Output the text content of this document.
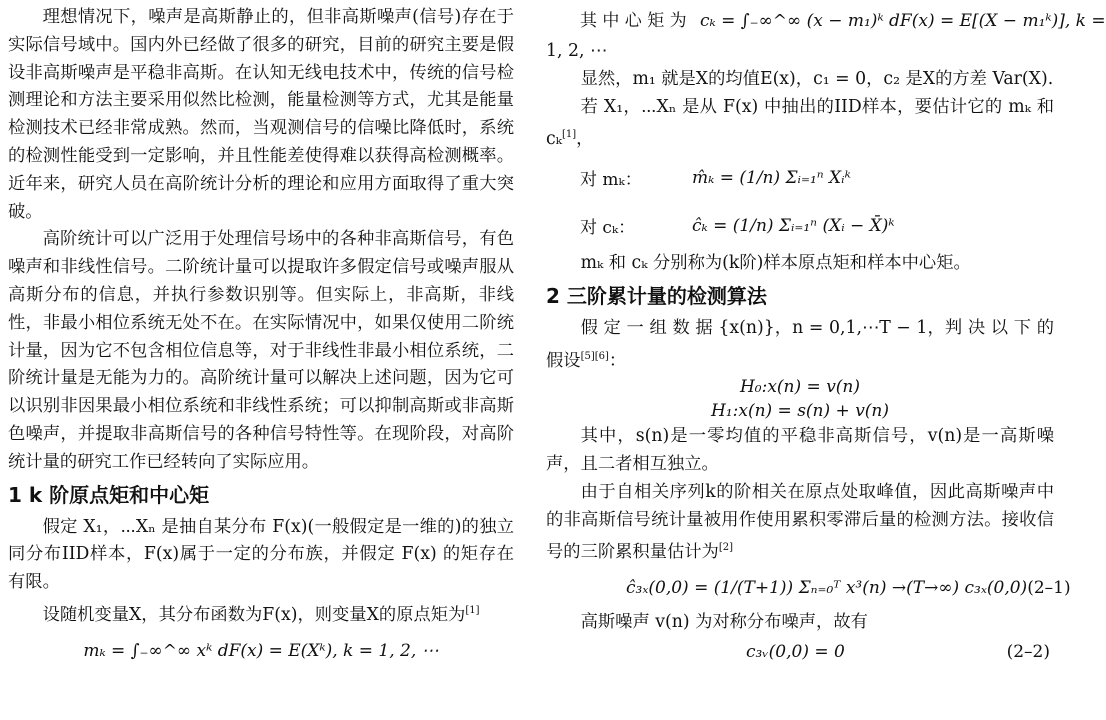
理想情况下，噪声是高斯静止的，但非高斯噪声(信号)存在于实际信号域中。国内外已经做了很多的研究，目前的研究主要是假设非高斯噪声是平稳非高斯。在认知无线电技术中，传统的信号检测理论和方法主要采用似然比检测，能量检测等方式，尤其是能量检测技术已经非常成熟。然而，当观测信号的信噪比降低时，系统的检测性能受到一定影响，并且性能差使得难以获得高检测概率。近年来，研究人员在高阶统计分析的理论和应用方面取得了重大突破。

高阶统计可以广泛用于处理信号场中的各种非高斯信号，有色噪声和非线性信号。二阶统计量可以提取许多假定信号或噪声服从高斯分布的信息，并执行参数识别等。但实际上，非高斯，非线性，非最小相位系统无处不在。在实际情况中，如果仅使用二阶统计量，因为它不包含相位信息等，对于非线性非最小相位系统，二阶统计量是无能为力的。高阶统计量可以解决上述问题，因为它可以识别非因果最小相位系统和非线性系统；可以抑制高斯或非高斯色噪声，并提取非高斯信号的各种信号特性等。在现阶段，对高阶统计量的研究工作已经转向了实际应用。

1 k 阶原点矩和中心矩

假定 X₁，⋯Xₙ 是抽自某分布 F(x)(一般假定是一维的)的独立同分布IID样本，F(x)属于一定的分布族，并假定 F(x) 的矩存在有限。

设随机变量X，其分布函数为F(x)，则变量X的原点矩为[1]

mₖ = ∫₋∞^∞ xᵏ dF(x) = E(Xᵏ), k = 1, 2, ⋯
其 中 心 矩 为 cₖ = ∫₋∞^∞ (x − m₁)ᵏ dF(x) = E[(X − m₁ᵏ)], k =

1, 2, ⋯

显然，m₁ 就是X的均值E(x)，c₁ = 0，c₂ 是X的方差 Var(X).

若 X₁，⋯Xₙ 是从 F(x) 中抽出的IID样本，要估计它的 mₖ 和 cₖ[1]，

对 mₖ：	m̂ₖ = (1/n) Σᵢ₌₁ⁿ Xᵢᵏ
对 cₖ：	ĉₖ = (1/n) Σᵢ₌₁ⁿ (Xᵢ − X̄)ᵏ

mₖ 和 cₖ 分别称为(k阶)样本原点矩和样本中心矩。

2 三阶累计量的检测算法

假 定 一 组 数 据 {x(n)}，n = 0,1,⋯T − 1，判 决 以 下 的 假设[5][6]：

H₀:x(n) = v(n)
H₁:x(n) = s(n) + v(n)

其中，s(n)是一零均值的平稳非高斯信号，v(n)是一高斯噪声，且二者相互独立。

由于自相关序列k的阶相关在原点处取峰值，因此高斯噪声中的非高斯信号统计量被用作使用累积零滞后量的检测方法。接收信号的三阶累积量估计为[2]

ĉ₃ₓ(0,0) = (1/(T+1)) Σₙ₌₀ᵀ x³(n) →(T→∞) c₃ₓ(0,0) (2–1)

高斯噪声 v(n) 为对称分布噪声，故有

c₃ᵥ(0,0) = 0	(2–2)
